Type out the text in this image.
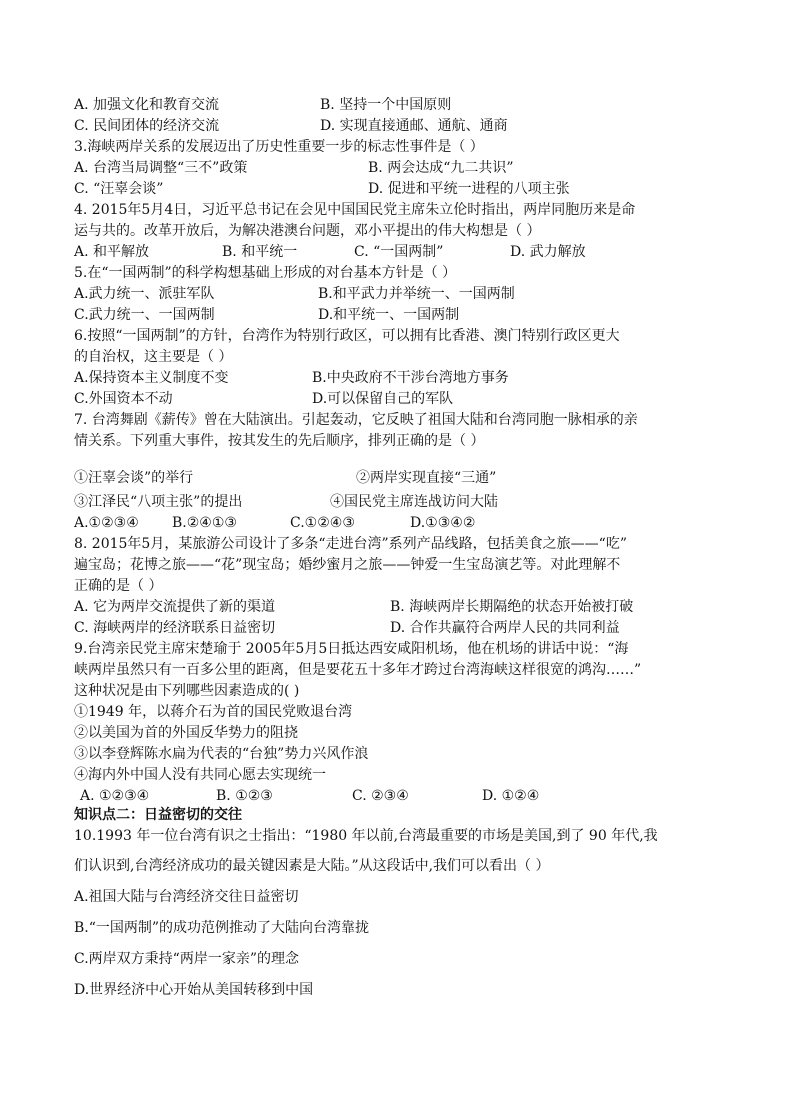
A. 加强文化和教育交流	B. 坚持一个中国原则
C. 民间团体的经济交流	D. 实现直接通邮、通航、通商
3.海峡两岸关系的发展迈出了历史性重要一步的标志性事件是（ ）
A. 台湾当局调整“三不”政策	B. 两会达成“九二共识”
C. “汪辜会谈”	D. 促进和平统一进程的八项主张
4. 2015年5月4日，习近平总书记在会见中国国民党主席朱立伦时指出，两岸同胞历来是命
运与共的。改革开放后，为解决港澳台问题，邓小平提出的伟大构想是（ ）
A. 和平解放	B. 和平统一	C. “一国两制”	D. 武力解放
5.在“一国两制”的科学构想基础上形成的对台基本方针是（ ）
A.武力统一、派驻军队	B.和平武力并举统一、一国两制
C.武力统一、一国两制	D.和平统一、一国两制
6.按照“一国两制”的方针，台湾作为特别行政区，可以拥有比香港、澳门特别行政区更大
的自治权，这主要是（ ）
A.保持资本主义制度不变	B.中央政府不干涉台湾地方事务
C.外国资本不动	D.可以保留自己的军队
7. 台湾舞剧《薪传》曾在大陆演出。引起轰动，它反映了祖国大陆和台湾同胞一脉相承的亲
情关系。下列重大事件，按其发生的先后顺序，排列正确的是（ ）
①汪辜会谈”的举行	②两岸实现直接“三通”
③江泽民“八项主张”的提出	④国民党主席连战访问大陆
A.①②③④ B.②④①③	C.①②④③	D.①③④②
8. 2015年5月，某旅游公司设计了多条“走进台湾”系列产品线路，包括美食之旅——“吃”
遍宝岛；花博之旅——“花”现宝岛；婚纱蜜月之旅——钟爱一生宝岛演艺等。对此理解不
正确的是（ ）
A. 它为两岸交流提供了新的渠道	B. 海峡两岸长期隔绝的状态开始被打破
C. 海峡两岸的经济联系日益密切	D. 合作共赢符合两岸人民的共同利益
9.台湾亲民党主席宋楚瑜于 2005年5月5日抵达西安咸阳机场，他在机场的讲话中说：“海
峡两岸虽然只有一百多公里的距离，但是要花五十多年才跨过台湾海峡这样很宽的鸿沟……”
这种状况是由下列哪些因素造成的( )
①1949 年，以蒋介石为首的国民党败退台湾
②以美国为首的外国反华势力的阻挠
③以李登辉陈水扁为代表的“台独”势力兴风作浪
④海内外中国人没有共同心愿去实现统一
A. ①②③④	B. ①②③	C. ②③④	D. ①②④
知识点二：日益密切的交往
10.1993 年一位台湾有识之士指出：“1980 年以前,台湾最重要的市场是美国,到了 90 年代,我
们认识到,台湾经济成功的最关键因素是大陆。”从这段话中,我们可以看出（ ）
A.祖国大陆与台湾经济交往日益密切
B.“一国两制”的成功范例推动了大陆向台湾靠拢
C.两岸双方秉持“两岸一家亲”的理念
D.世界经济中心开始从美国转移到中国
